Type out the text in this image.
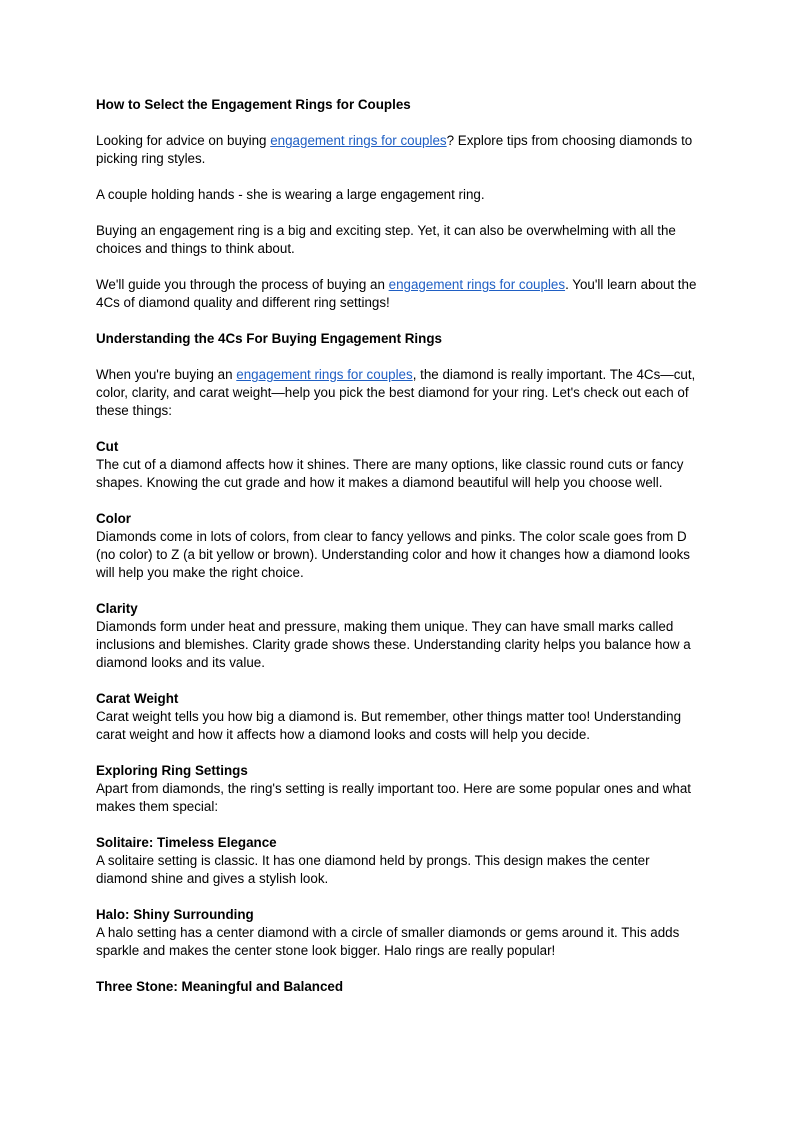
How to Select the Engagement Rings for Couples
Looking for advice on buying engagement rings for couples? Explore tips from choosing diamonds to picking ring styles.
A couple holding hands - she is wearing a large engagement ring.
Buying an engagement ring is a big and exciting step. Yet, it can also be overwhelming with all the choices and things to think about.
We'll guide you through the process of buying an engagement rings for couples. You'll learn about the 4Cs of diamond quality and different ring settings!
Understanding the 4Cs For Buying Engagement Rings
When you're buying an engagement rings for couples, the diamond is really important. The 4Cs—cut, color, clarity, and carat weight—help you pick the best diamond for your ring. Let's check out each of these things:
Cut
The cut of a diamond affects how it shines. There are many options, like classic round cuts or fancy shapes. Knowing the cut grade and how it makes a diamond beautiful will help you choose well.
Color
Diamonds come in lots of colors, from clear to fancy yellows and pinks. The color scale goes from D (no color) to Z (a bit yellow or brown). Understanding color and how it changes how a diamond looks will help you make the right choice.
Clarity
Diamonds form under heat and pressure, making them unique. They can have small marks called inclusions and blemishes. Clarity grade shows these. Understanding clarity helps you balance how a diamond looks and its value.
Carat Weight
Carat weight tells you how big a diamond is. But remember, other things matter too! Understanding carat weight and how it affects how a diamond looks and costs will help you decide.
Exploring Ring Settings
Apart from diamonds, the ring's setting is really important too. Here are some popular ones and what makes them special:
Solitaire: Timeless Elegance
A solitaire setting is classic. It has one diamond held by prongs. This design makes the center diamond shine and gives a stylish look.
Halo: Shiny Surrounding
A halo setting has a center diamond with a circle of smaller diamonds or gems around it. This adds sparkle and makes the center stone look bigger. Halo rings are really popular!
Three Stone: Meaningful and Balanced
